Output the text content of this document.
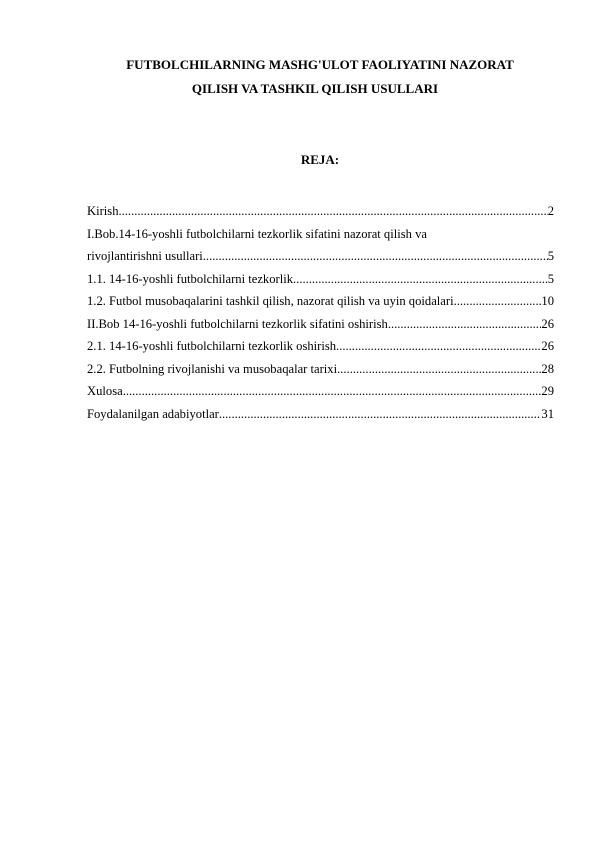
FUTBOLCHILARNING MASHG'ULOT FAOLIYATINI NAZORAT
QILISH VA TASHKIL QILISH USULLARI
REJA:
Kirish .....	2
I.Bob.14-16-yoshli futbolchilarni tezkorlik sifatini nazorat qilish va
rivojlantirishni usullari .....	5
1.1. 14-16-yoshli futbolchilarni tezkorlik .....	5
1.2. Futbol musobaqalarini tashkil qilish, nazorat qilish va uyin qoidalari .....	10
II.Bob 14-16-yoshli futbolchilarni tezkorlik sifatini oshirish .....	26
2.1. 14-16-yoshli futbolchilarni tezkorlik oshirish .....	26
2.2. Futbolning rivojlanishi va musobaqalar tarixi .....	28
Xulosa .....	29
Foydalanilgan adabiyotlar .....	31
